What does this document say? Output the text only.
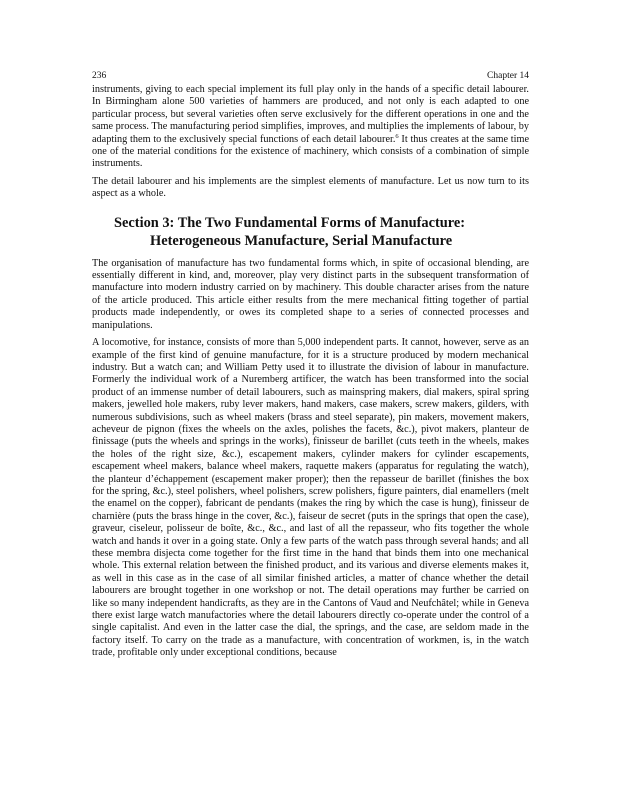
236	Chapter 14

instruments, giving to each special implement its full play only in the hands of a specific detail labourer. In Birmingham alone 500 varieties of hammers are produced, and not only is each adapted to one particular process, but several varieties often serve exclusively for the different operations in one and the same process. The manufacturing period simplifies, improves, and multiplies the implements of labour, by adapting them to the exclusively special functions of each detail labourer.$^6$ It thus creates at the same time one of the material conditions for the existence of machinery, which consists of a combination of simple instruments.

The detail labourer and his implements are the simplest elements of manufacture. Let us now turn to its aspect as a whole.

Section 3: The Two Fundamental Forms of Manufacture:
Heterogeneous Manufacture, Serial Manufacture

The organisation of manufacture has two fundamental forms which, in spite of occasional blending, are essentially different in kind, and, moreover, play very distinct parts in the subsequent transformation of manufacture into modern industry carried on by machinery. This double character arises from the nature of the article produced. This article either results from the mere mechanical fitting together of partial products made independently, or owes its completed shape to a series of connected processes and manipulations.

A locomotive, for instance, consists of more than 5,000 independent parts. It cannot, however, serve as an example of the first kind of genuine manufacture, for it is a structure produced by modern mechanical industry. But a watch can; and William Petty used it to illustrate the division of labour in manufacture. Formerly the individual work of a Nuremberg artificer, the watch has been transformed into the social product of an immense number of detail labourers, such as mainspring makers, dial makers, spiral spring makers, jewelled hole makers, ruby lever makers, hand makers, case makers, screw makers, gilders, with numerous subdivisions, such as wheel makers (brass and steel separate), pin makers, movement makers, acheveur de pignon (fixes the wheels on the axles, polishes the facets, &c.), pivot makers, planteur de finissage (puts the wheels and springs in the works), finisseur de barillet (cuts teeth in the wheels, makes the holes of the right size, &c.), escapement makers, cylinder makers for cylinder escapements, escapement wheel makers, balance wheel makers, raquette makers (apparatus for regulating the watch), the planteur d’échappement (escapement maker proper); then the repasseur de barillet (finishes the box for the spring, &c.), steel polishers, wheel polishers, screw polishers, figure painters, dial enamellers (melt the enamel on the copper), fabricant de pendants (makes the ring by which the case is hung), finisseur de charnière (puts the brass hinge in the cover, &c.), faiseur de secret (puts in the springs that open the case), graveur, ciseleur, polisseur de boîte, &c., &c., and last of all the repasseur, who fits together the whole watch and hands it over in a going state. Only a few parts of the watch pass through several hands; and all these membra disjecta come together for the first time in the hand that binds them into one mechanical whole. This external relation between the finished product, and its various and diverse elements makes it, as well in this case as in the case of all similar finished articles, a matter of chance whether the detail labourers are brought together in one workshop or not. The detail operations may further be carried on like so many independent handicrafts, as they are in the Cantons of Vaud and Neufchâtel; while in Geneva there exist large watch manufactories where the detail labourers directly co-operate under the control of a single capitalist. And even in the latter case the dial, the springs, and the case, are seldom made in the factory itself. To carry on the trade as a manufacture, with concentration of workmen, is, in the watch trade, profitable only under exceptional conditions, because
